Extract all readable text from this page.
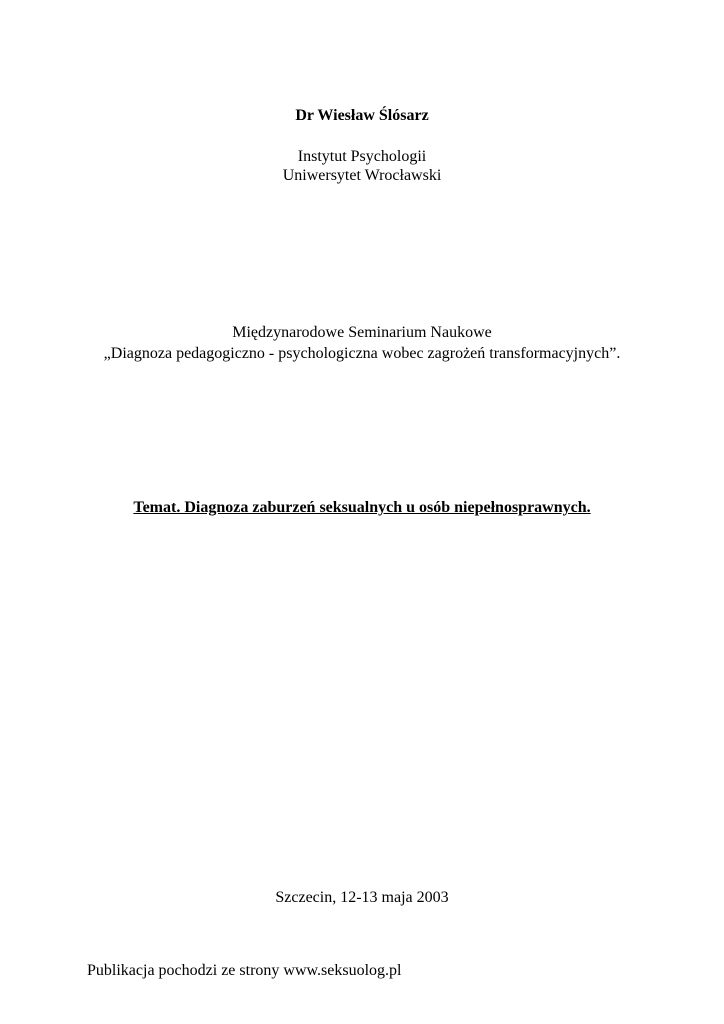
Dr Wiesław Ślósarz

Instytut Psychologii

Uniwersytet Wrocławski

Międzynarodowe Seminarium Naukowe

„Diagnoza pedagogiczno - psychologiczna wobec zagrożeń transformacyjnych”.

Temat. Diagnoza zaburzeń seksualnych u osób niepełnosprawnych.

Szczecin, 12-13 maja 2003

Publikacja pochodzi ze strony www.seksuolog.pl
